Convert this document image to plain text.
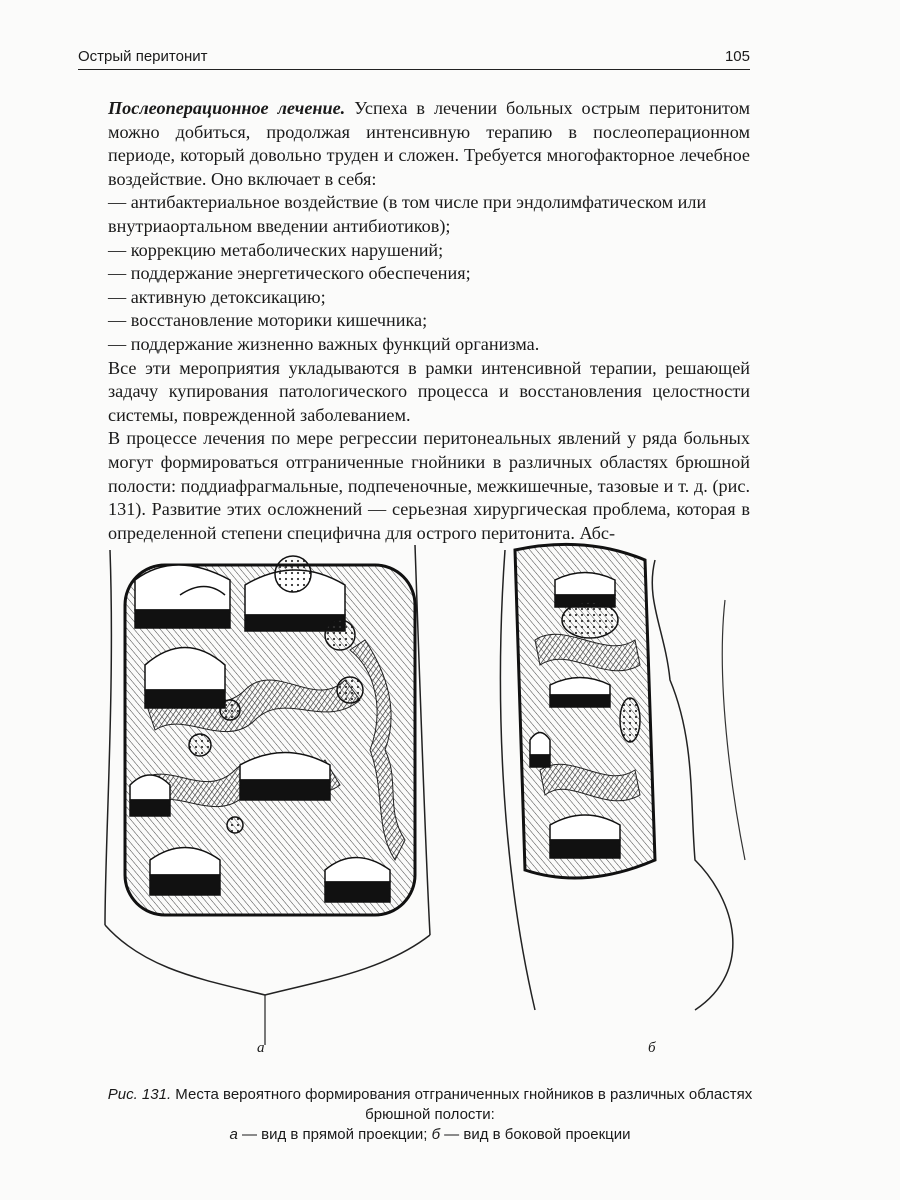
Острый перитонит	105

Послеоперационное лечение. Успеха в лечении больных острым перитонитом можно добиться, продолжая интенсивную терапию в послеоперационном периоде, который довольно труден и сложен. Требуется многофакторное лечебное воздействие. Оно включает в себя:

— антибактериальное воздействие (в том числе при эндолимфатическом или внутриаортальном введении антибиотиков);

— коррекцию метаболических нарушений;

— поддержание энергетического обеспечения;

— активную детоксикацию;

— восстановление моторики кишечника;

— поддержание жизненно важных функций организма.

Все эти мероприятия укладываются в рамки интенсивной терапии, решающей задачу купирования патологического процесса и восстановления целостности системы, поврежденной заболеванием.

В процессе лечения по мере регрессии перитонеальных явлений у ряда больных могут формироваться отграниченные гнойники в различных областях брюшной полости: поддиафрагмальные, подпеченочные, межкишечные, тазовые и т. д. (рис. 131). Развитие этих осложнений — серьезная хирургическая проблема, которая в определенной степени специфична для острого перитонита. Абс-

а	б
Рис. 131. Места вероятного формирования отграниченных гнойников в различных областях брюшной полости:
а — вид в прямой проекции; б — вид в боковой проекции
